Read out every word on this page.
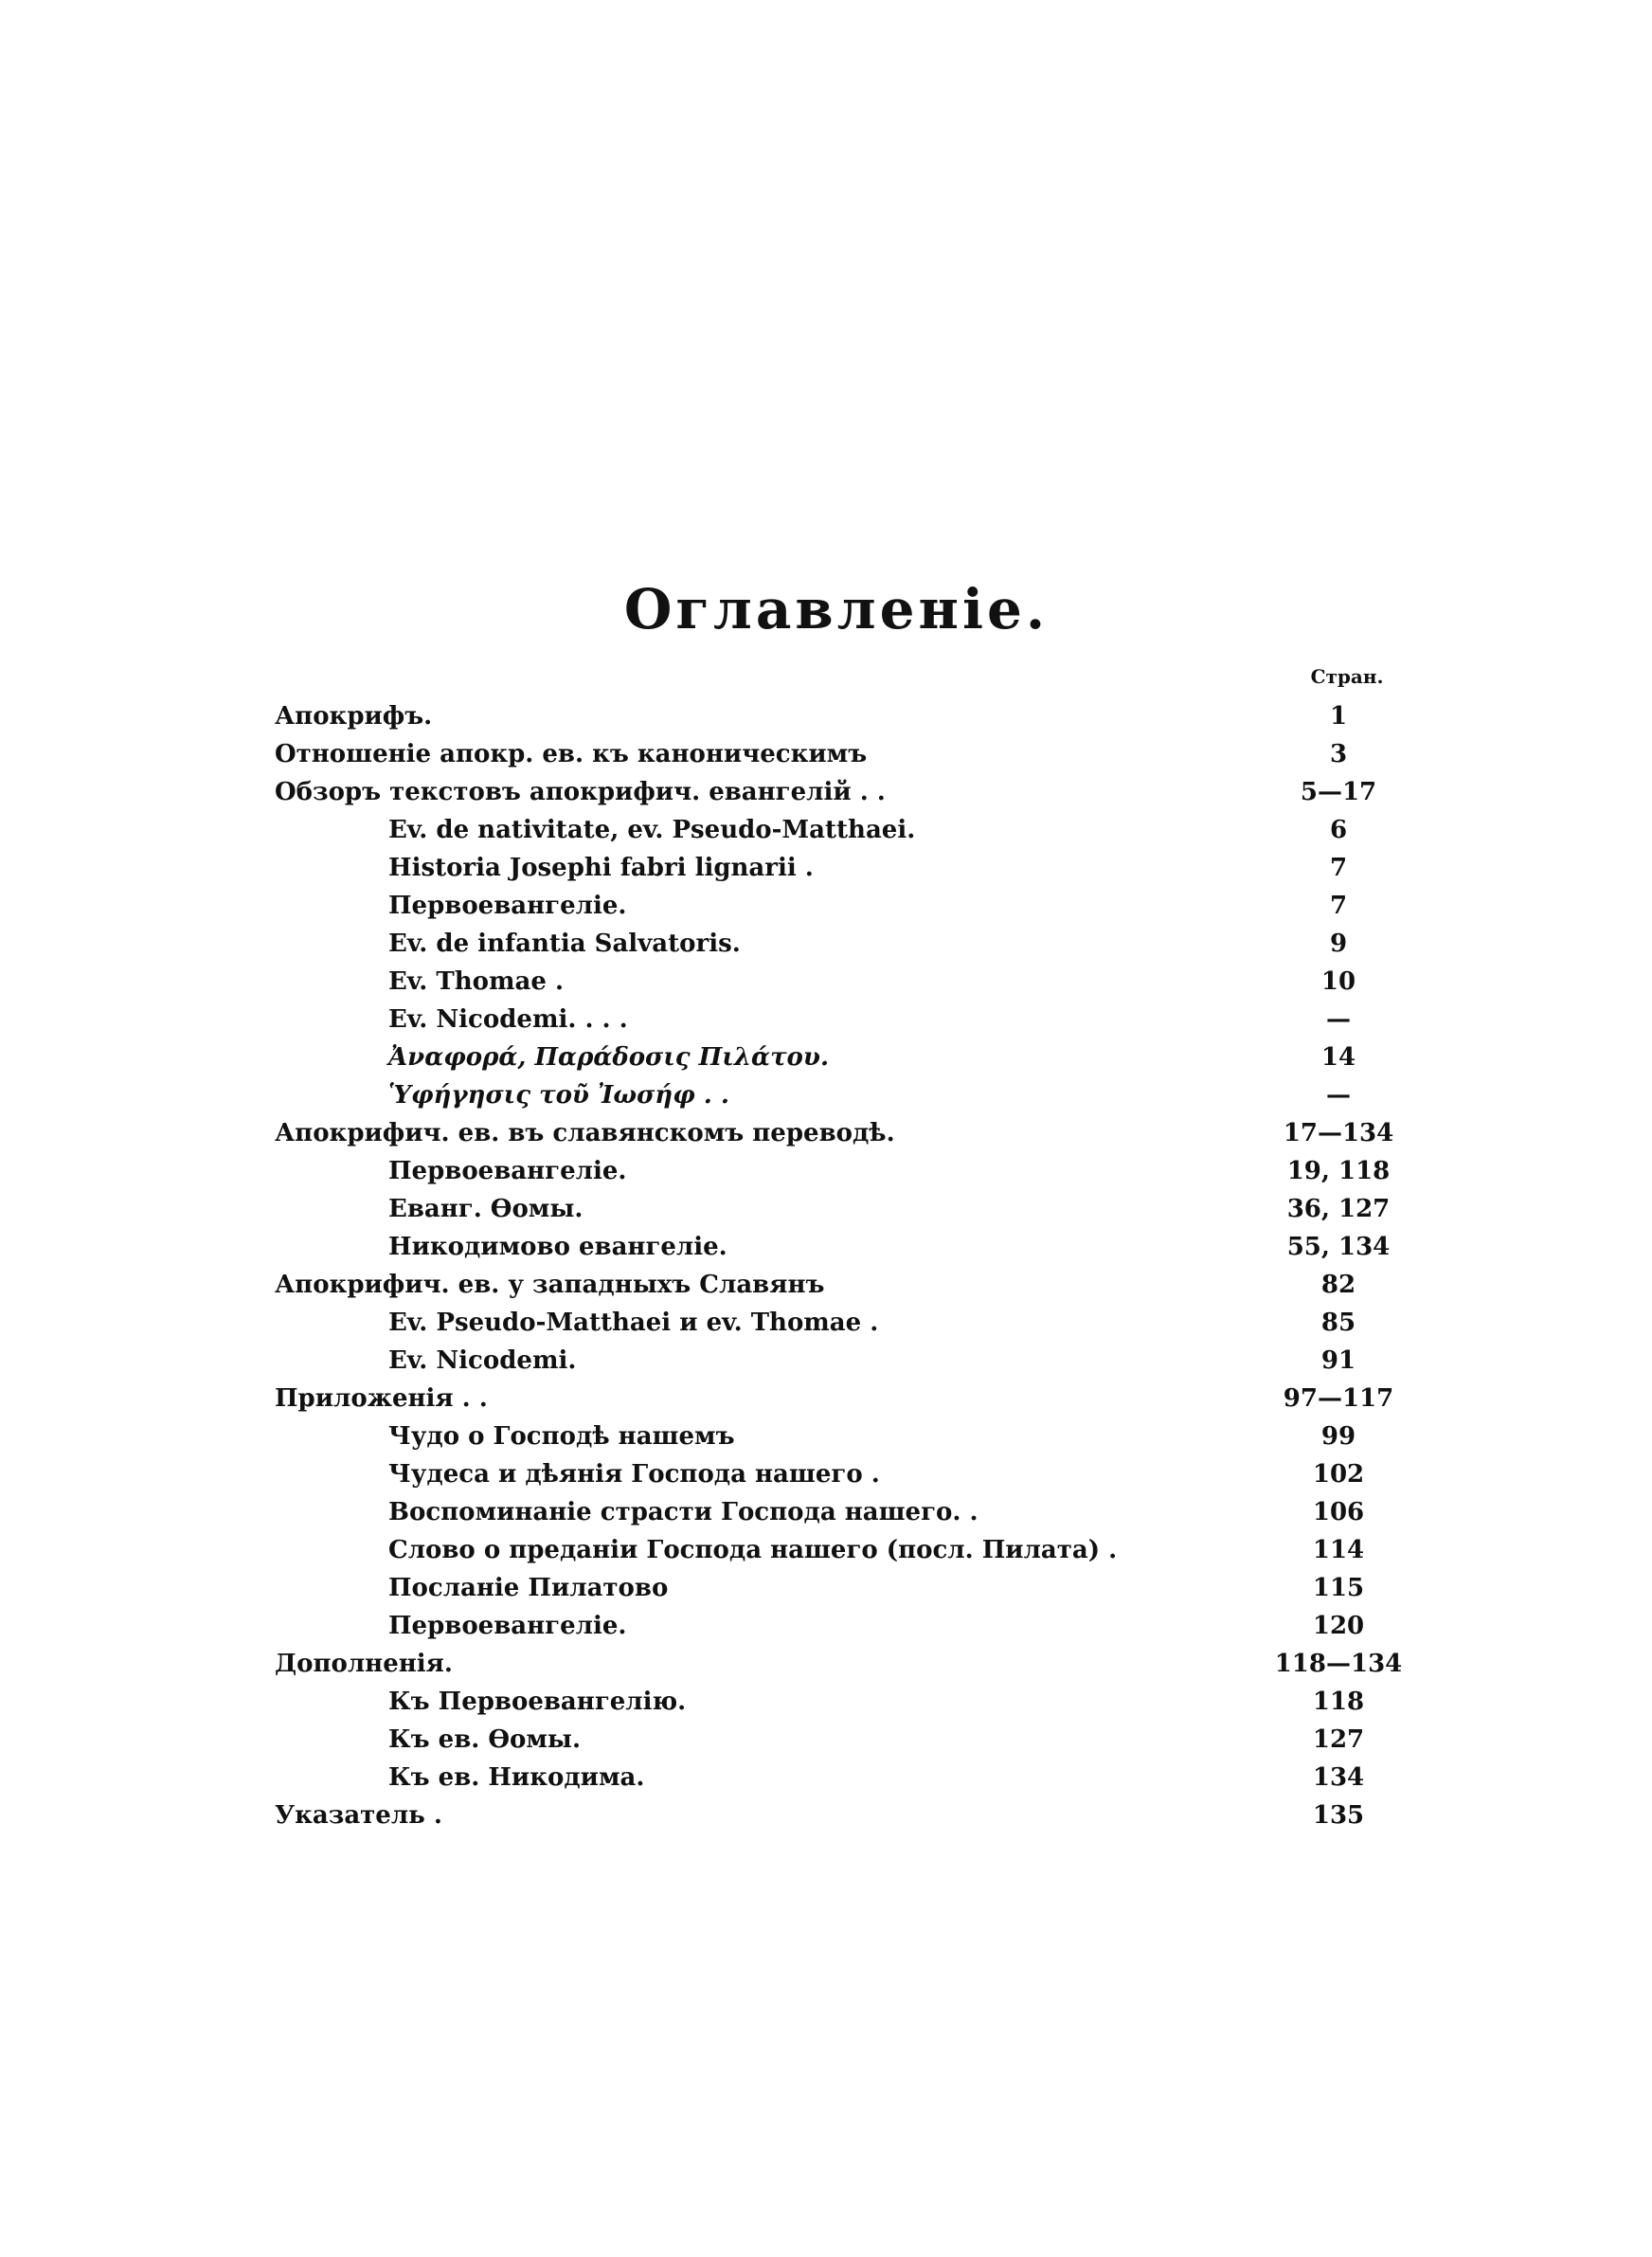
Оглавленіе.
Стран.
Апокрифъ.	1
Отношеніе апокр. ев. къ каноническимъ	3
Обзоръ текстовъ апокрифич. евангелій . .	5—17
Ev. de nativitate, ev. Pseudo-Matthaei.	6
Historia Josephi fabri lignarii .	7
Первоевангеліе.	7
Ev. de infantia Salvatoris.	9
Ev. Thomae .	10
Ev. Nicodemi. . . .	—
Ἀναφορά, Παράδοσις Πιλάτου.	14
Ὑφήγησις τοῦ Ἰωσήφ . .	—
Апокрифич. ев. въ славянскомъ переводѣ.	17—134
Первоевангеліе.	19, 118
Еванг. Ѳомы.	36, 127
Никодимово евангеліе.	55, 134
Апокрифич. ев. у западныхъ Славянъ	82
Ev. Pseudo-Matthaei и ev. Thomae .	85
Ev. Nicodemi.	91
Приложенія . .	97—117
Чудо о Господѣ нашемъ	99
Чудеса и дѣянія Господа нашего .	102
Воспоминаніе страсти Господа нашего. .	106
Слово о преданіи Господа нашего (посл. Пилата) .	114
Посланіе Пилатово	115
Первоевангеліе.	120
Дополненія.	118—134
Къ Первоевангелію.	118
Къ ев. Ѳомы.	127
Къ ев. Никодима.	134
Указатель .	135
